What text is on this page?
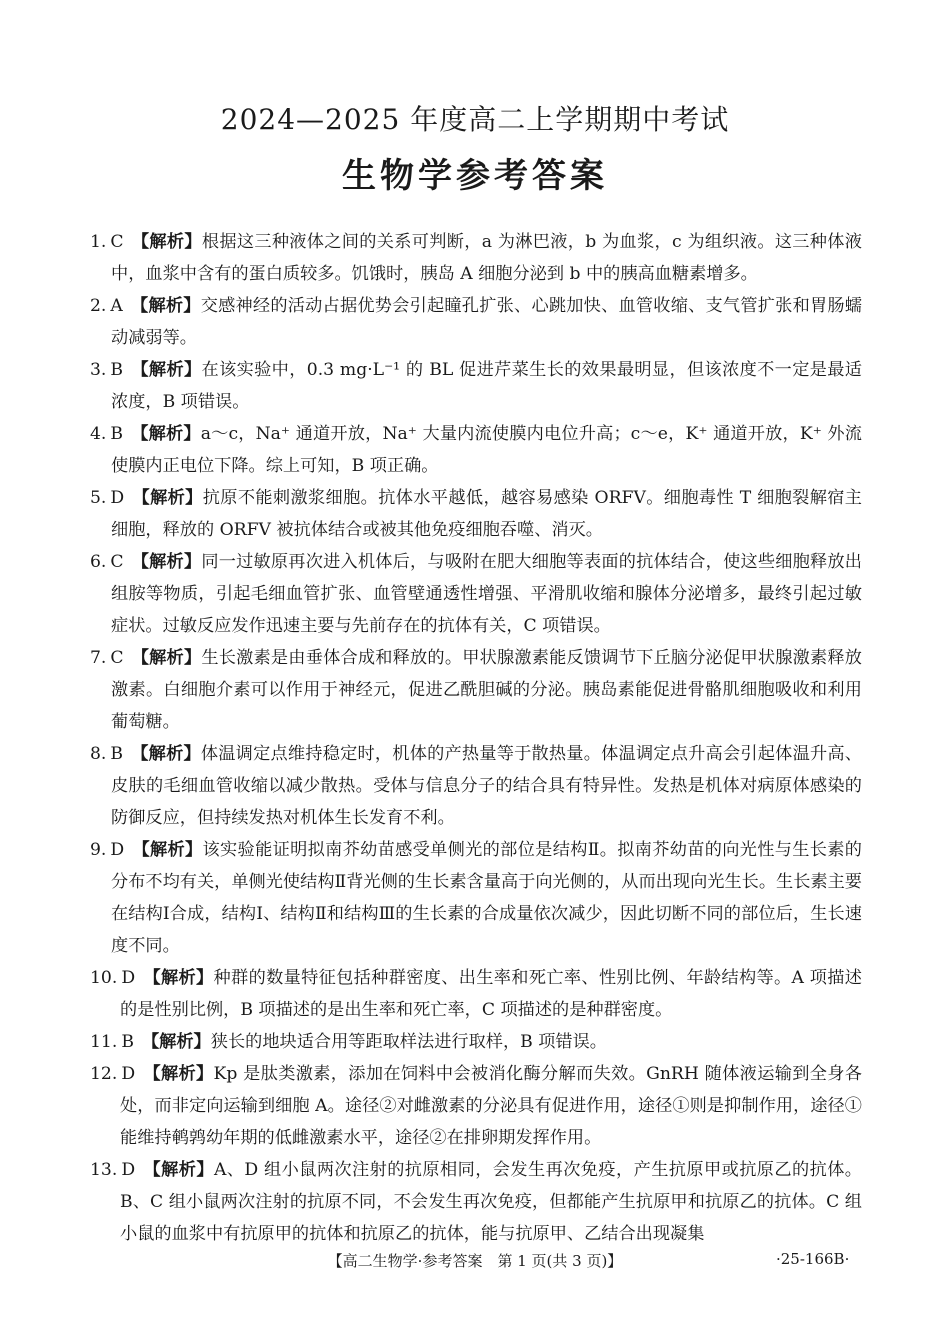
2024—2025 年度高二上学期期中考试
生物学参考答案
1. C 【解析】根据这三种液体之间的关系可判断，a 为淋巴液，b 为血浆，c 为组织液。这三种体液中，血浆中含有的蛋白质较多。饥饿时，胰岛 A 细胞分泌到 b 中的胰高血糖素增多。
2. A 【解析】交感神经的活动占据优势会引起瞳孔扩张、心跳加快、血管收缩、支气管扩张和胃肠蠕动减弱等。
3. B 【解析】在该实验中，0.3 mg·L⁻¹ 的 BL 促进芹菜生长的效果最明显，但该浓度不一定是最适浓度，B 项错误。
4. B 【解析】a～c，Na⁺ 通道开放，Na⁺ 大量内流使膜内电位升高；c～e，K⁺ 通道开放，K⁺ 外流使膜内正电位下降。综上可知，B 项正确。
5. D 【解析】抗原不能刺激浆细胞。抗体水平越低，越容易感染 ORFV。细胞毒性 T 细胞裂解宿主细胞，释放的 ORFV 被抗体结合或被其他免疫细胞吞噬、消灭。
6. C 【解析】同一过敏原再次进入机体后，与吸附在肥大细胞等表面的抗体结合，使这些细胞释放出组胺等物质，引起毛细血管扩张、血管壁通透性增强、平滑肌收缩和腺体分泌增多，最终引起过敏症状。过敏反应发作迅速主要与先前存在的抗体有关，C 项错误。
7. C 【解析】生长激素是由垂体合成和释放的。甲状腺激素能反馈调节下丘脑分泌促甲状腺激素释放激素。白细胞介素可以作用于神经元，促进乙酰胆碱的分泌。胰岛素能促进骨骼肌细胞吸收和利用葡萄糖。
8. B 【解析】体温调定点维持稳定时，机体的产热量等于散热量。体温调定点升高会引起体温升高、皮肤的毛细血管收缩以减少散热。受体与信息分子的结合具有特异性。发热是机体对病原体感染的防御反应，但持续发热对机体生长发育不利。
9. D 【解析】该实验能证明拟南芥幼苗感受单侧光的部位是结构Ⅱ。拟南芥幼苗的向光性与生长素的分布不均有关，单侧光使结构Ⅱ背光侧的生长素含量高于向光侧的，从而出现向光生长。生长素主要在结构Ⅰ合成，结构Ⅰ、结构Ⅱ和结构Ⅲ的生长素的合成量依次减少，因此切断不同的部位后，生长速度不同。
10. D 【解析】种群的数量特征包括种群密度、出生率和死亡率、性别比例、年龄结构等。A 项描述的是性别比例，B 项描述的是出生率和死亡率，C 项描述的是种群密度。
11. B 【解析】狭长的地块适合用等距取样法进行取样，B 项错误。
12. D 【解析】Kp 是肽类激素，添加在饲料中会被消化酶分解而失效。GnRH 随体液运输到全身各处，而非定向运输到细胞 A。途径②对雌激素的分泌具有促进作用，途径①则是抑制作用，途径①能维持鹌鹑幼年期的低雌激素水平，途径②在排卵期发挥作用。
13. D 【解析】A、D 组小鼠两次注射的抗原相同，会发生再次免疫，产生抗原甲或抗原乙的抗体。B、C 组小鼠两次注射的抗原不同，不会发生再次免疫，但都能产生抗原甲和抗原乙的抗体。C 组小鼠的血浆中有抗原甲的抗体和抗原乙的抗体，能与抗原甲、乙结合出现凝集
【高二生物学·参考答案　第 1 页(共 3 页)】	·25-166B·
